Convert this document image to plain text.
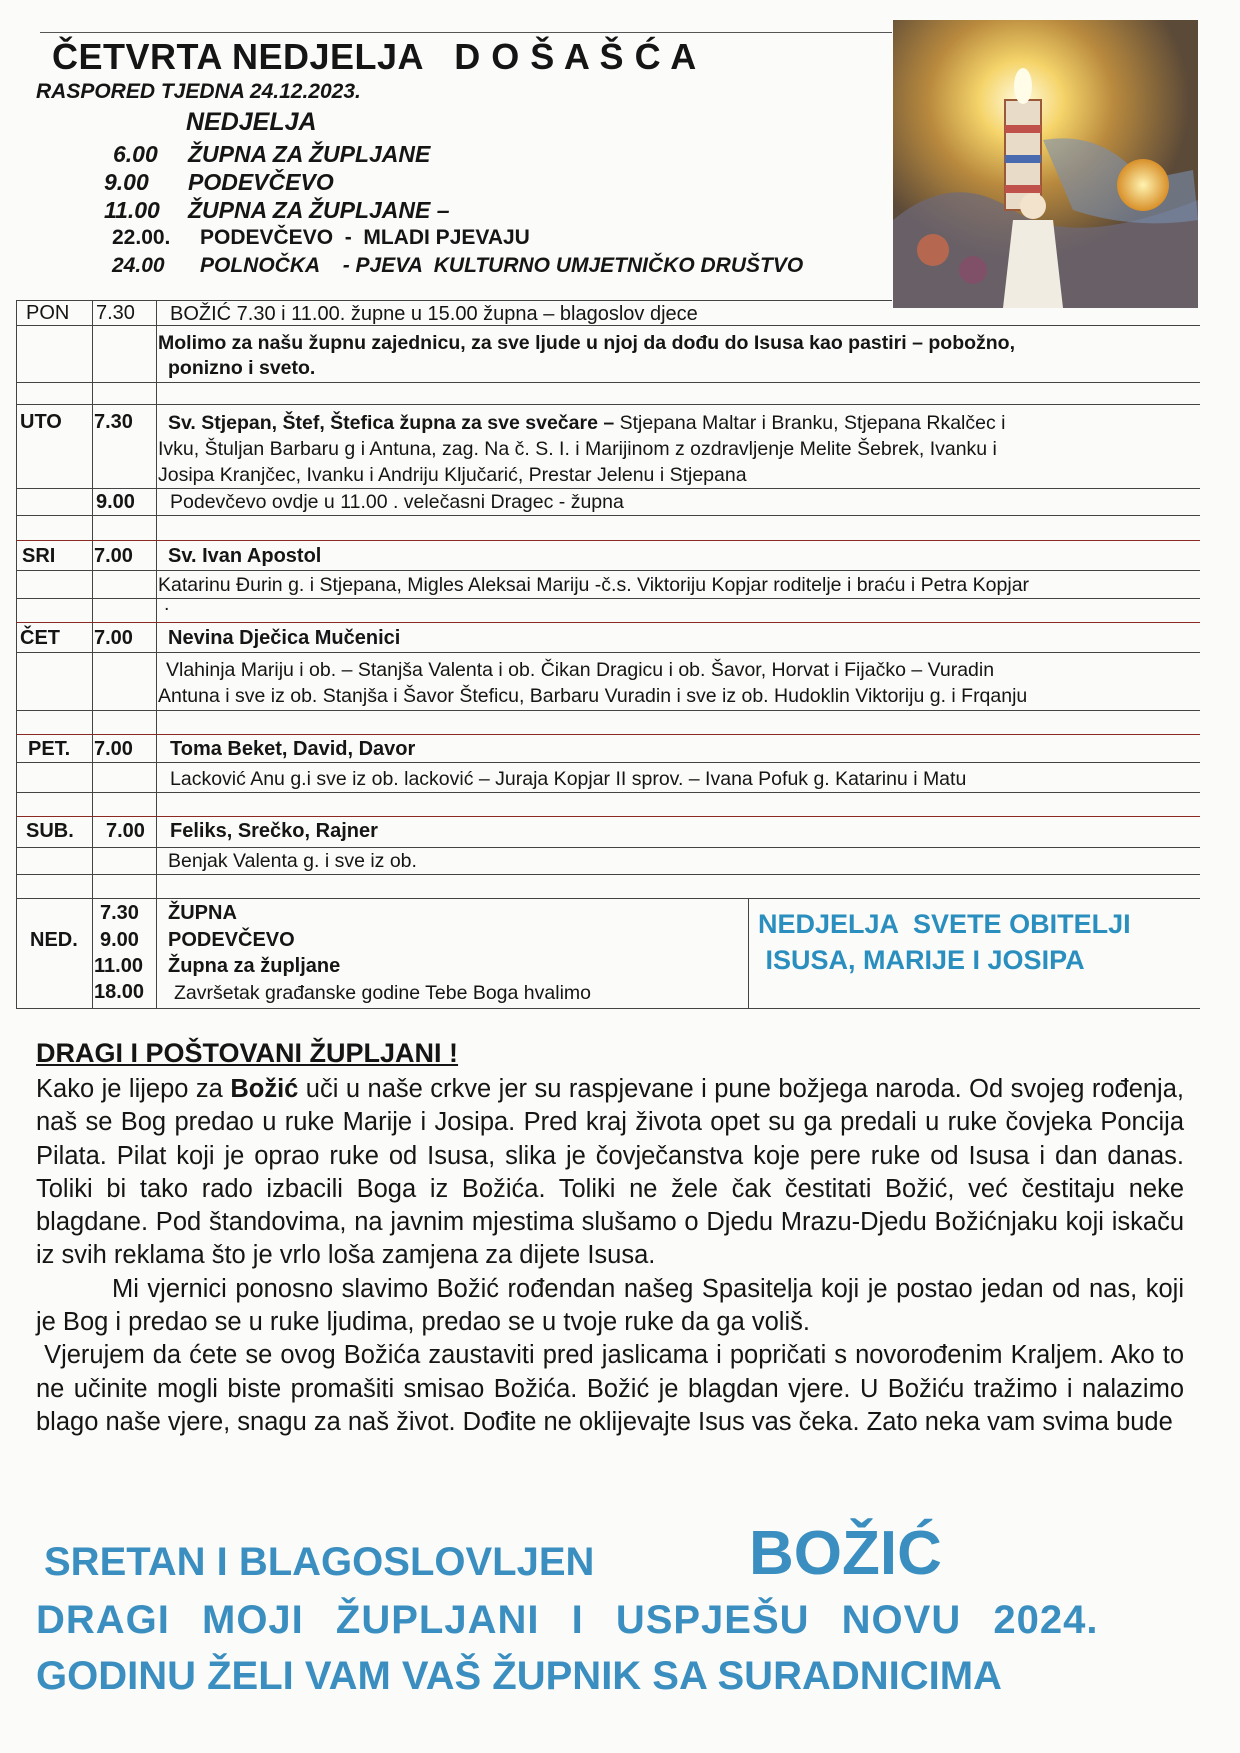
ČETVRTA NEDJELJA   D O Š A Š Ć A
RASPORED TJEDNA 24.12.2023.
NEDJELJA
6.00 ŽUPNA ZA ŽUPLJANE
9.00 PODEVČEVO
11.00 ŽUPNA ZA ŽUPLJANE –
22.00. PODEVČEVO  -  MLADI PJEVAJU
24.00 POLNOČKA    - PJEVA  KULTURNO UMJETNIČKO DRUŠTVO
PON 7.30 BOŽIĆ 7.30 i 11.00. župne u 15.00 župna – blagoslov djece
Molimo za našu župnu zajednicu, za sve ljude u njoj da dođu do Isusa kao pastiri – pobožno,
ponizno i sveto.
UTO 7.30 Sv. Stjepan, Štef, Štefica župna za sve svečare – Stjepana Maltar i Branku, Stjepana Rkalčec i
Ivku, Štuljan Barbaru g i Antuna, zag. Na č. S. I. i Marijinom z ozdravljenje Melite Šebrek, Ivanku i
Josipa Kranjčec, Ivanku i Andriju Ključarić, Prestar Jelenu i Stjepana
9.00 Podevčevo ovdje u 11.00 . velečasni Dragec - župna
SRI 7.00 Sv. Ivan Apostol
Katarinu Đurin g. i Stjepana, Migles Aleksai Mariju -č.s. Viktoriju Kopjar roditelje i braću i Petra Kopjar
.
ČET 7.00 Nevina Dječica Mučenici
Vlahinja Mariju i ob. – Stanjša Valenta i ob. Čikan Dragicu i ob. Šavor, Horvat i Fijačko – Vuradin
Antuna i sve iz ob. Stanjša i Šavor Šteficu, Barbaru Vuradin i sve iz ob. Hudoklin Viktoriju g. i Frqanju
PET. 7.00 Toma Beket, David, Davor
Lacković Anu g.i sve iz ob. lacković – Juraja Kopjar II sprov. – Ivana Pofuk g. Katarinu i Matu
SUB. 7.00 Feliks, Srečko, Rajner
Benjak Valenta g. i sve iz ob.
NED.
7.30
9.00
11.00
18.00
ŽUPNA
PODEVČEVO
Župna za župljane
Završetak građanske godine Tebe Boga hvalimo
NEDJELJA  SVETE OBITELJI
ISUSA, MARIJE I JOSIPA
DRAGI I POŠTOVANI ŽUPLJANI !

Kako je lijepo za Božić uči u naše crkve jer su raspjevane i pune božjega naroda. Od svojeg rođenja, naš se Bog predao u ruke Marije i Josipa. Pred kraj života opet su ga predali u ruke čovjeka Poncija Pilata. Pilat koji je oprao ruke od Isusa, slika je čovječanstva koje pere ruke od Isusa i dan danas. Toliki bi tako rado izbacili Boga iz Božića. Toliki ne žele čak čestitati Božić, već čestitaju neke blagdane. Pod štandovima, na javnim mjestima slušamo o Djedu Mrazu-Djedu Božićnjaku koji iskaču iz svih reklama što je vrlo loša zamjena za dijete Isusa.

Mi vjernici ponosno slavimo Božić rođendan našeg Spasitelja koji je postao jedan od nas, koji je Bog i predao se u ruke ljudima, predao se u tvoje ruke da ga voliš.

Vjerujem da ćete se ovog Božića zaustaviti pred jaslicama i popričati s novorođenim Kraljem. Ako to ne učinite mogli biste promašiti smisao Božića. Božić je blagdan vjere. U Božiću tražimo i nalazimo blago naše vjere, snagu za naš život. Dođite ne oklijevajte Isus vas čeka. Zato neka vam svima bude

SRETAN I BLAGOSLOVLJEN BOŽIĆ
DRAGI MOJI ŽUPLJANI I USPJEŠU NOVU 2024.
GODINU ŽELI VAM VAŠ ŽUPNIK SA SURADNICIMA
